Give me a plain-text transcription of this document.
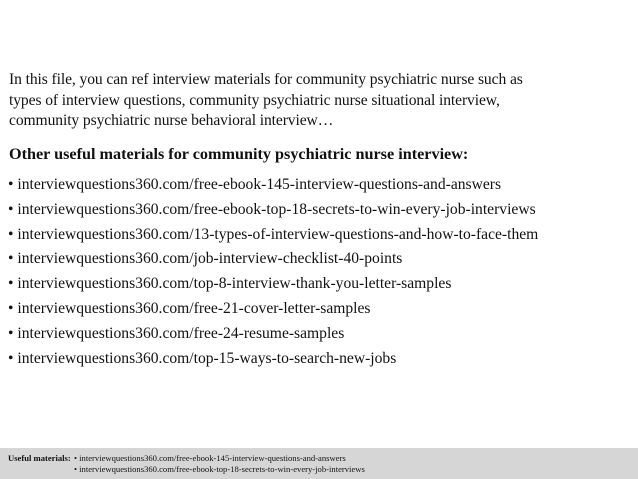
In this file, you can ref interview materials for community psychiatric nurse such as
types of interview questions, community psychiatric nurse situational interview,
community psychiatric nurse behavioral interview…
Other useful materials for community psychiatric nurse interview:
• interviewquestions360.com/free-ebook-145-interview-questions-and-answers
• interviewquestions360.com/free-ebook-top-18-secrets-to-win-every-job-interviews
• interviewquestions360.com/13-types-of-interview-questions-and-how-to-face-them
• interviewquestions360.com/job-interview-checklist-40-points
• interviewquestions360.com/top-8-interview-thank-you-letter-samples
• interviewquestions360.com/free-21-cover-letter-samples
• interviewquestions360.com/free-24-resume-samples
• interviewquestions360.com/top-15-ways-to-search-new-jobs
Useful materials: • interviewquestions360.com/free-ebook-145-interview-questions-and-answers
• interviewquestions360.com/free-ebook-top-18-secrets-to-win-every-job-interviews
